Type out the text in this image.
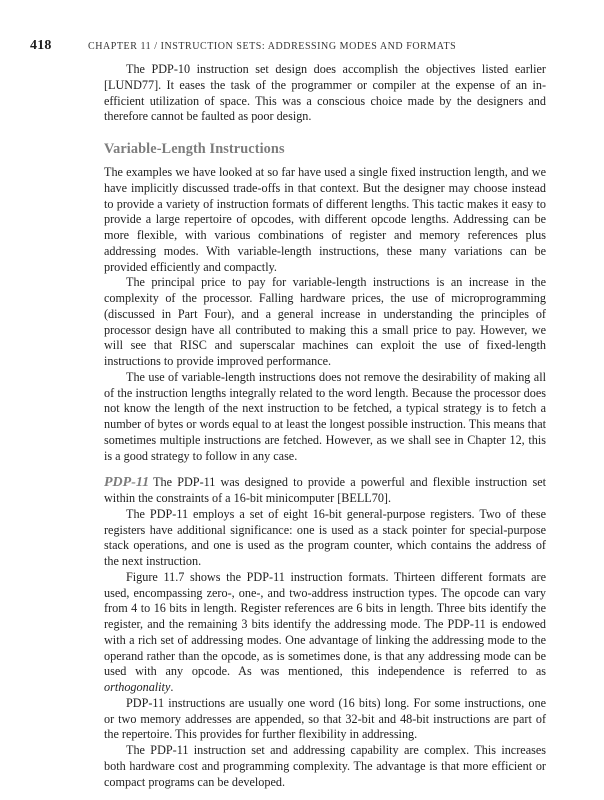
418	CHAPTER 11 / INSTRUCTION SETS: ADDRESSING MODES AND FORMATS

The PDP-10 instruction set design does accomplish the objectives listed earlier [LUND77]. It eases the task of the programmer or compiler at the expense of an inefficient utilization of space. This was a conscious choice made by the designers and therefore cannot be faulted as poor design.

Variable-Length Instructions

The examples we have looked at so far have used a single fixed instruction length, and we have implicitly discussed trade-offs in that context. But the designer may choose instead to provide a variety of instruction formats of different lengths. This tactic makes it easy to provide a large repertoire of opcodes, with different opcode lengths. Addressing can be more flexible, with various combinations of register and memory references plus addressing modes. With variable-length instructions, these many variations can be provided efficiently and compactly.

The principal price to pay for variable-length instructions is an increase in the complexity of the processor. Falling hardware prices, the use of microprogramming (discussed in Part Four), and a general increase in understanding the principles of processor design have all contributed to making this a small price to pay. However, we will see that RISC and superscalar machines can exploit the use of fixed-length instructions to provide improved performance.

The use of variable-length instructions does not remove the desirability of making all of the instruction lengths integrally related to the word length. Because the processor does not know the length of the next instruction to be fetched, a typical strategy is to fetch a number of bytes or words equal to at least the longest possible instruction. This means that sometimes multiple instructions are fetched. However, as we shall see in Chapter 12, this is a good strategy to follow in any case.

PDP-11 The PDP-11 was designed to provide a powerful and flexible instruction set within the constraints of a 16-bit minicomputer [BELL70].

The PDP-11 employs a set of eight 16-bit general-purpose registers. Two of these registers have additional significance: one is used as a stack pointer for special-purpose stack operations, and one is used as the program counter, which contains the address of the next instruction.

Figure 11.7 shows the PDP-11 instruction formats. Thirteen different formats are used, encompassing zero-, one-, and two-address instruction types. The opcode can vary from 4 to 16 bits in length. Register references are 6 bits in length. Three bits identify the register, and the remaining 3 bits identify the addressing mode. The PDP-11 is endowed with a rich set of addressing modes. One advantage of linking the addressing mode to the operand rather than the opcode, as is sometimes done, is that any addressing mode can be used with any opcode. As was mentioned, this independence is referred to as orthogonality.

PDP-11 instructions are usually one word (16 bits) long. For some instructions, one or two memory addresses are appended, so that 32-bit and 48-bit instructions are part of the repertoire. This provides for further flexibility in addressing.

The PDP-11 instruction set and addressing capability are complex. This increases both hardware cost and programming complexity. The advantage is that more efficient or compact programs can be developed.
